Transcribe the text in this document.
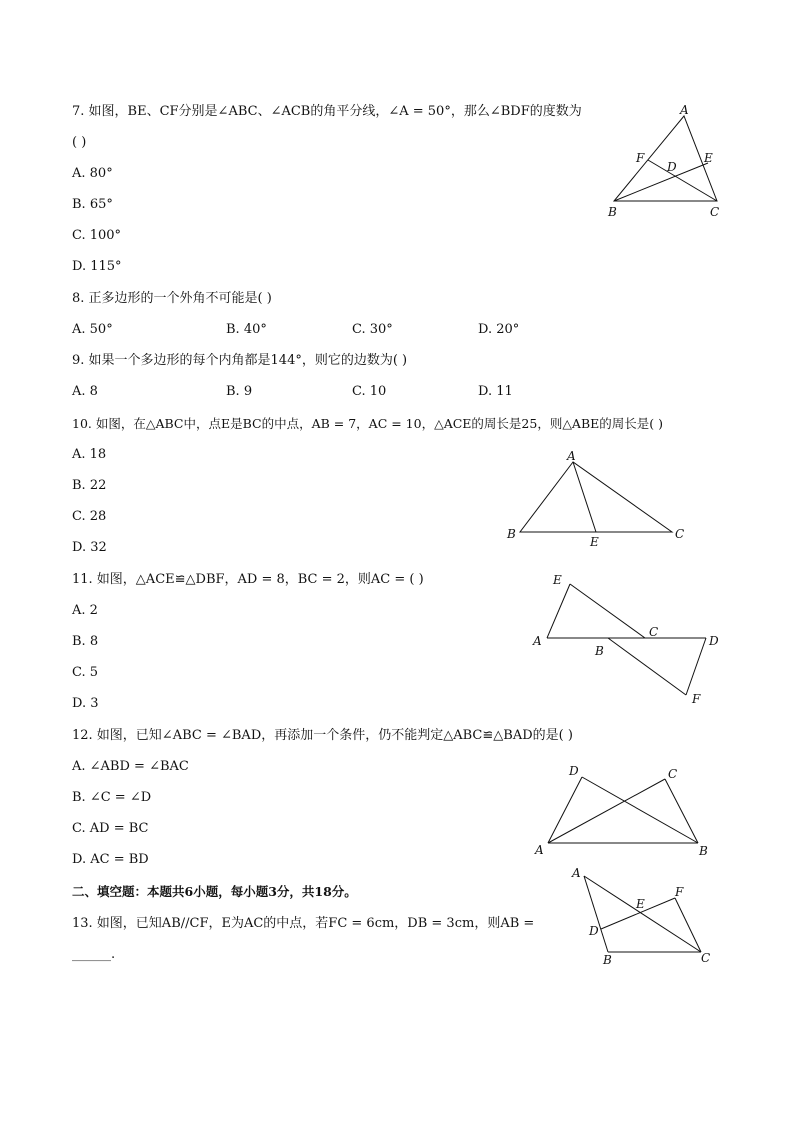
7. 如图，BE、CF分别是∠ABC、∠ACB的角平分线，∠A = 50°，那么∠BDF的度数为
( )
A. 80°
B. 65°
C. 100°
D. 115°
A
F
D
E
B	C
8. 正多边形的一个外角不可能是( )
A. 50°	B. 40°	C. 30°	D. 20°
9. 如果一个多边形的每个内角都是144°，则它的边数为( )
A. 8	B. 9	C. 10	D. 11
10. 如图，在△ABC中，点E是BC的中点，AB = 7，AC = 10，△ACE的周长是25，则△ABE的周长是( )
A. 18
B. 22
C. 28
D. 32
A
B
E
C
11. 如图，△ACE≌△DBF，AD = 8，BC = 2，则AC = ( )
A. 2
B. 8
C. 5
D. 3
E
C
A
B
D
F
12. 如图，已知∠ABC = ∠BAD，再添加一个条件，仍不能判定△ABC≌△BAD的是( )
A. ∠ABD = ∠BAC
B. ∠C = ∠D
C. AD = BC
D. AC = BD
D	C
A	B
二、填空题：本题共6小题，每小题3分，共18分。
13. 如图，已知AB//CF，E为AC的中点，若FC = 6cm，DB = 3cm，则AB =
______.
A
F
E
D
B	C
